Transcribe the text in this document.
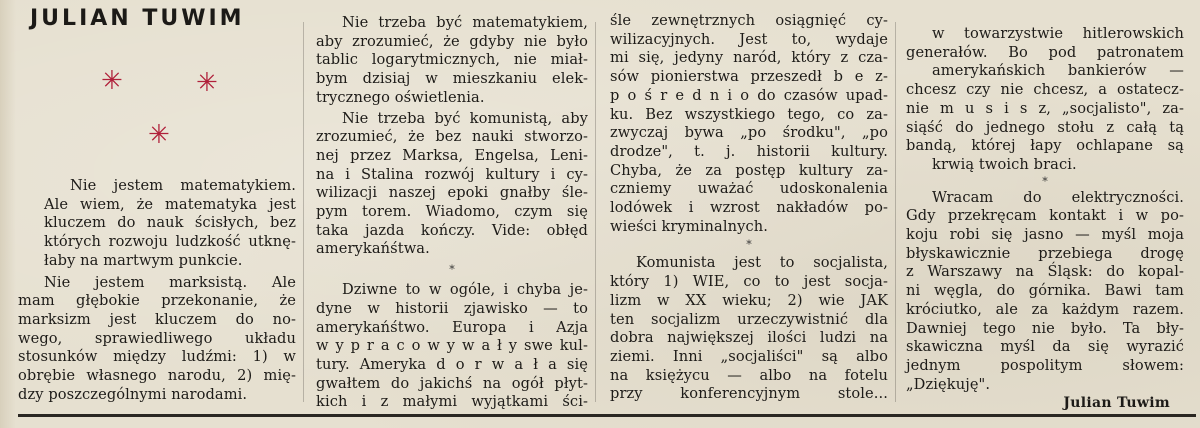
JULIAN TUWIM
✳	✳
✳

Nie jestem matematykiem.
Ale wiem, że matematyka jest
kluczem do nauk ścisłych, bez
których rozwoju ludzkość utknę-
łaby na martwym punkcie.

Nie jestem marksistą. Ale
mam głębokie przekonanie, że
marksizm jest kluczem do no-
wego, sprawiedliwego układu
stosunków między ludźmi: 1) w
obrębie własnego narodu, 2) mię-
dzy poszczególnymi narodami.

Nie trzeba być matematykiem,
aby zrozumieć, że gdyby nie było
tablic logarytmicznych, nie miał-
bym dzisiaj w mieszkaniu elek-
trycznego oświetlenia.

Nie trzeba być komunistą, aby
zrozumieć, że bez nauki stworzo-
nej przez Marksa, Engelsa, Leni-
na i Stalina rozwój kultury i cy-
wilizacji naszej epoki gnałby śle-
pym torem. Wiadomo, czym się
taka jazda kończy. Vide: obłęd
amerykańśtwa.

*

Dziwne to w ogóle, i chyba je-
dyne w historii zjawisko — to
amerykańśtwo. Europa i Azja
w y p r a c o w y w a ł y swe kul-
tury. Ameryka d o r w a ł a się
gwałtem do jakichś na ogół płyt-
kich i z małymi wyjątkami ści-

śle zewnętrznych osiągnięć cy-
wilizacyjnych. Jest to, wydaje
mi się, jedyny naród, który z cza-
sów pionierstwa przeszedł b e z-
p o ś r e d n i o do czasów upad-
ku. Bez wszystkiego tego, co za-
zwyczaj bywa „po środku", „po
drodze", t. j. historii kultury.
Chyba, że za postęp kultury za-
czniemy uważać udoskonalenia
lodówek i wzrost nakładów po-
wieści kryminalnych.

*

Komunista jest to socjalista,
który 1) WIE, co to jest socja-
lizm w XX wieku; 2) wie JAK
ten socjalizm urzeczywistnić dla
dobra największej ilości ludzi na
ziemi. Inni „socjaliści" są albo
na księżycu — albo na fotelu
przy konferencyjnym stole...

w towarzystwie hitlerowskich
generałów. Bo pod patronatem
amerykańskich bankierów —
chcesz czy nie chcesz, a ostatecz-
nie m u s i s z, „socjalisto", za-
siąść do jednego stołu z całą tą
bandą, której łapy ochlapane są
krwią twoich braci.

*

Wracam do elektryczności.
Gdy przekręcam kontakt i w po-
koju robi się jasno — myśl moja
błyskawicznie przebiega drogę
z Warszawy na Śląsk: do kopal-
ni węgla, do górnika. Bawi tam
króciutko, ale za każdym razem.
Dawniej tego nie było. Ta bły-
skawiczna myśl da się wyrazić
jednym pospolitym słowem:
„Dziękuję".

Julian Tuwim
